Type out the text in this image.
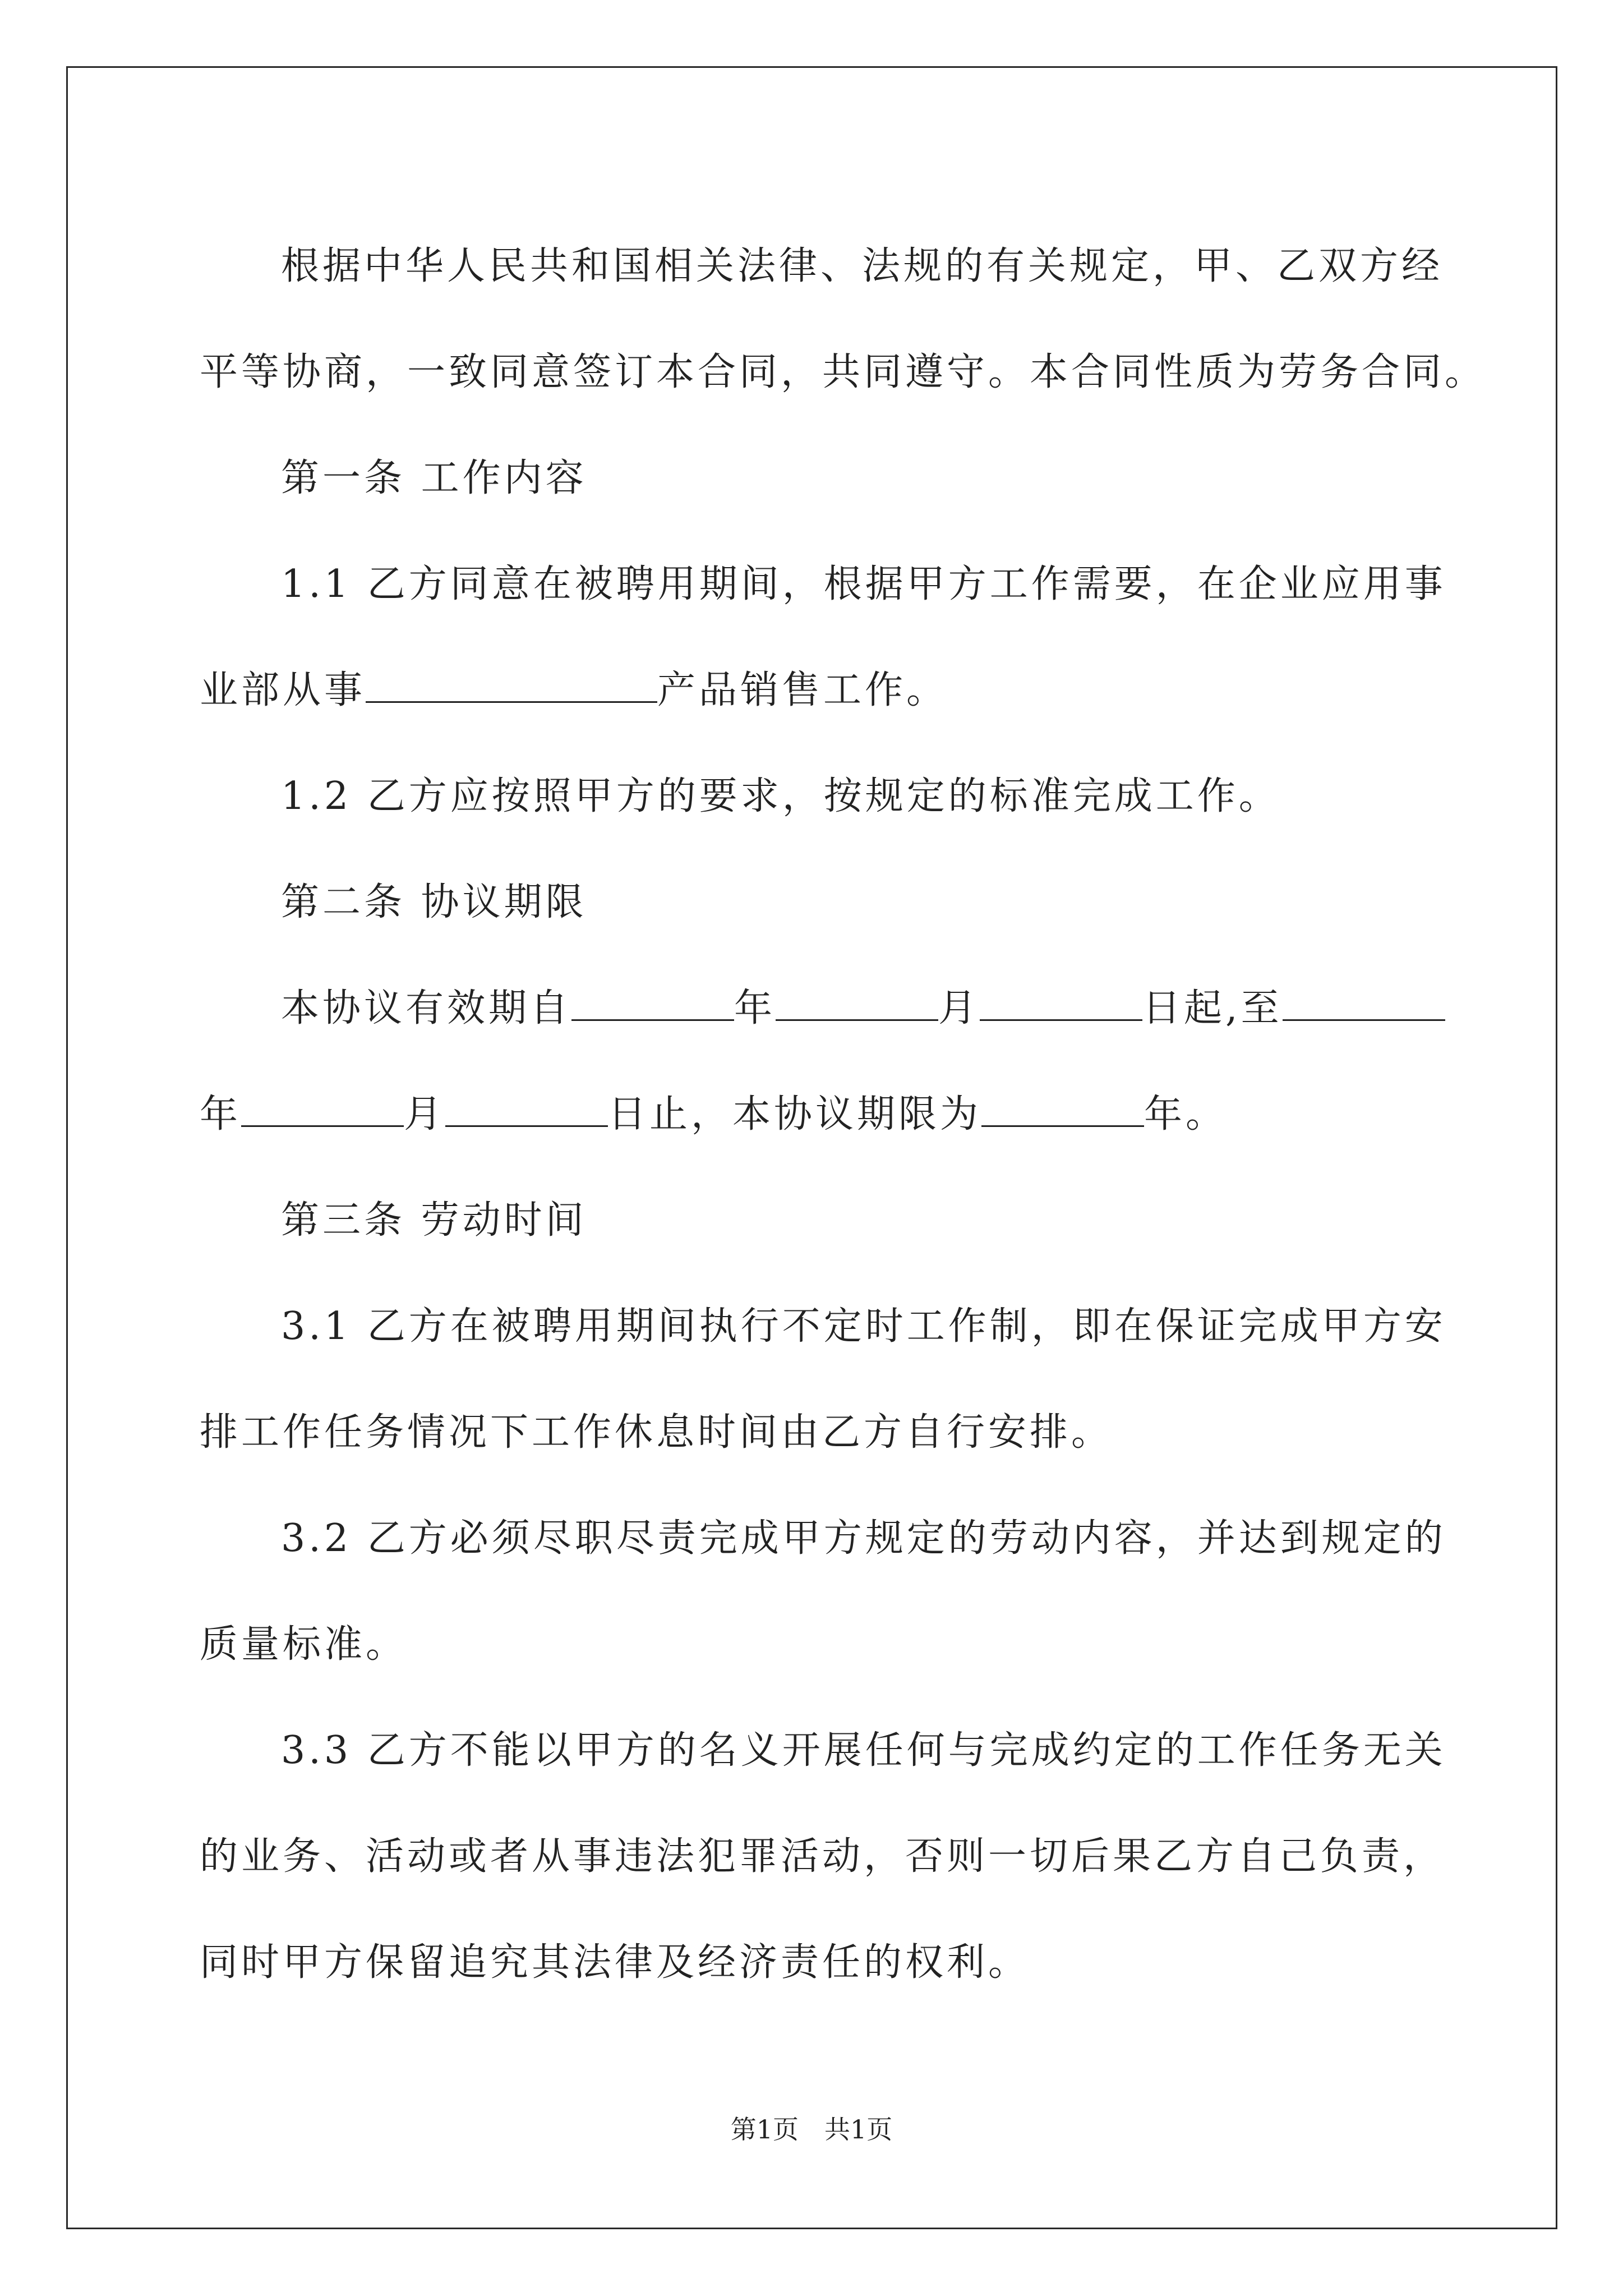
根据中华人民共和国相关法律、法规的有关规定，甲、乙双方经

平等协商，一致同意签订本合同，共同遵守。本合同性质为劳务合同。

第一条 工作内容

1.1 乙方同意在被聘用期间，根据甲方工作需要，在企业应用事

业部从事	产品销售工作。

1.2 乙方应按照甲方的要求，按规定的标准完成工作。

第二条 协议期限

本协议有效期自	年	月	日起,至

年	月	日止，本协议期限为	年。

第三条 劳动时间

3.1 乙方在被聘用期间执行不定时工作制，即在保证完成甲方安

排工作任务情况下工作休息时间由乙方自行安排。

3.2 乙方必须尽职尽责完成甲方规定的劳动内容，并达到规定的

质量标准。

3.3 乙方不能以甲方的名义开展任何与完成约定的工作任务无关

的业务、活动或者从事违法犯罪活动，否则一切后果乙方自己负责，

同时甲方保留追究其法律及经济责任的权利。

第1页　共1页
